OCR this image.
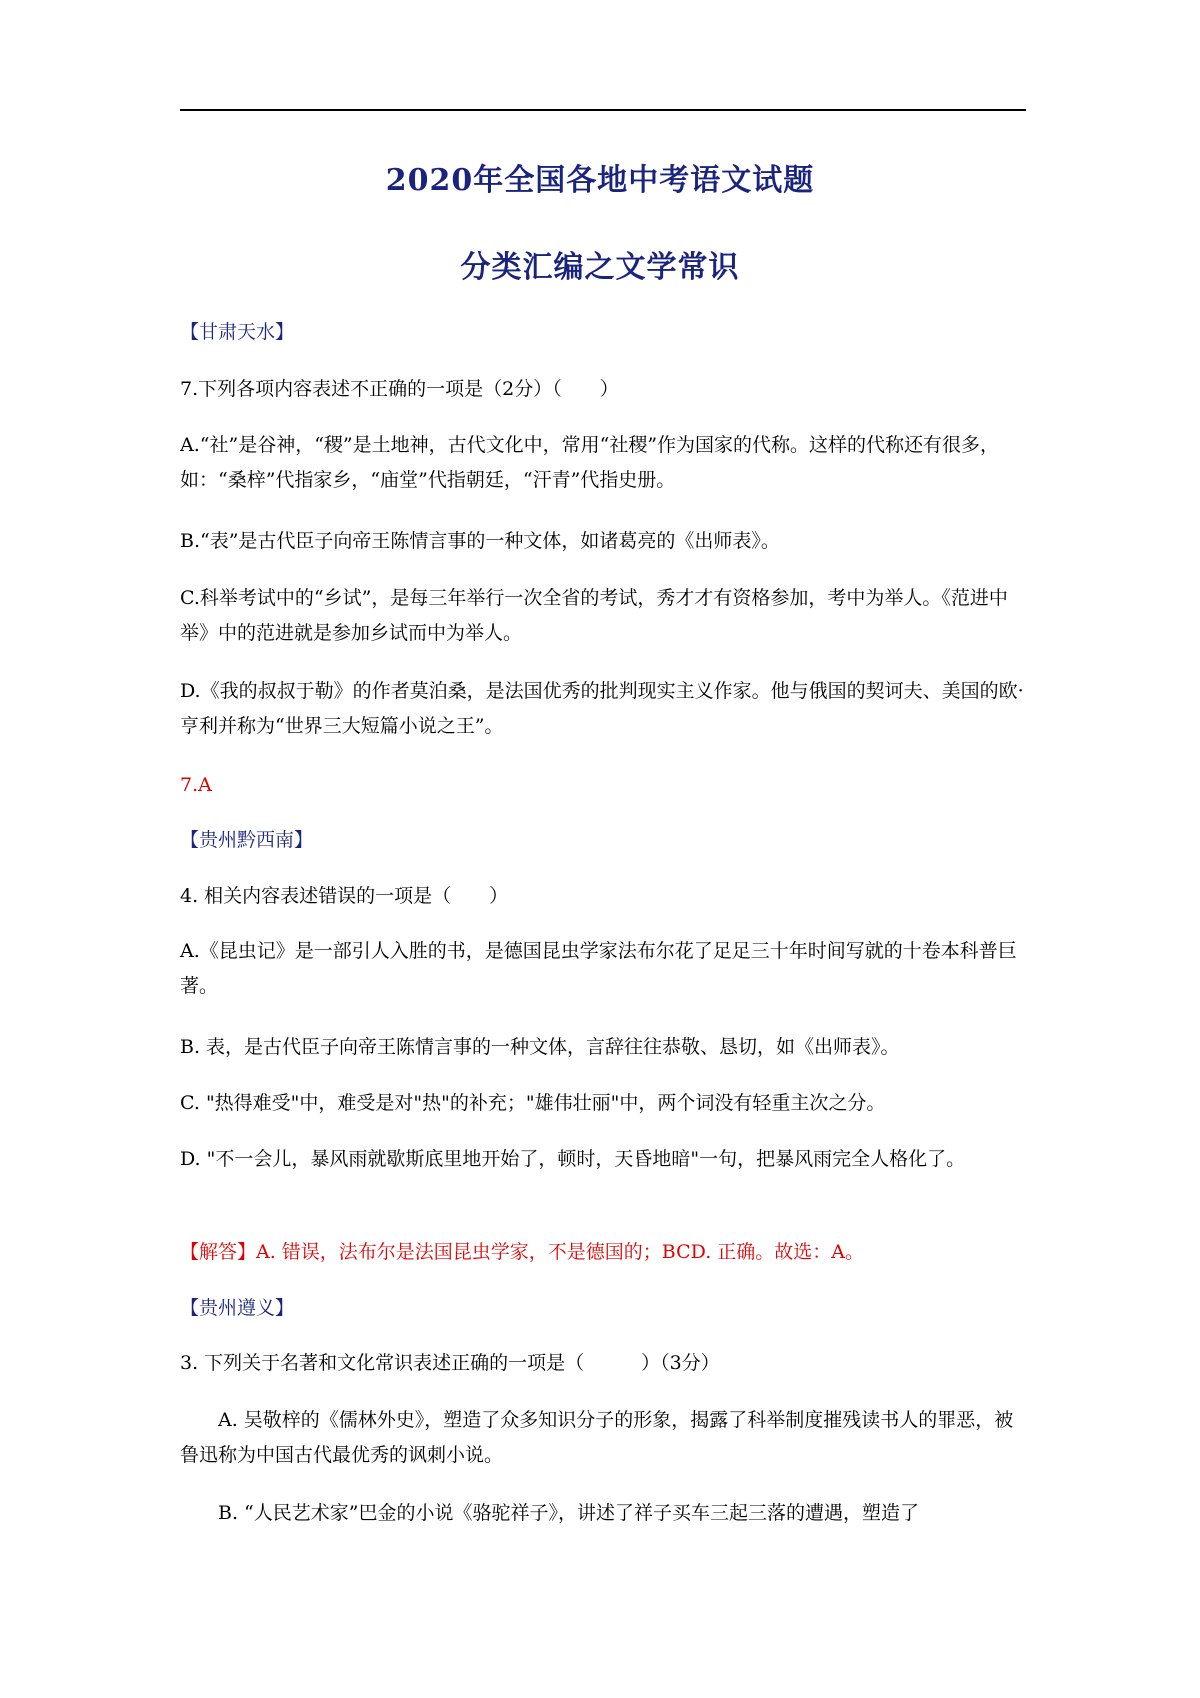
2020年全国各地中考语文试题
分类汇编之文学常识
【甘肃天水】
7.下列各项内容表述不正确的一项是（2分）（　　）
A.“社”是谷神，“稷”是土地神，古代文化中，常用“社稷”作为国家的代称。这样的代称还有很多，如：“桑梓”代指家乡，“庙堂”代指朝廷，“汗青”代指史册。
B.“表”是古代臣子向帝王陈情言事的一种文体，如诸葛亮的《出师表》。
C.科举考试中的“乡试”，是每三年举行一次全省的考试，秀才才有资格参加，考中为举人。《范进中举》中的范进就是参加乡试而中为举人。
D.《我的叔叔于勒》的作者莫泊桑，是法国优秀的批判现实主义作家。他与俄国的契诃夫、美国的欧·亨利并称为“世界三大短篇小说之王”。
7.A
【贵州黔西南】
4. 相关内容表述错误的一项是（　　）
A.《昆虫记》是一部引人入胜的书，是德国昆虫学家法布尔花了足足三十年时间写就的十卷本科普巨著。
B. 表，是古代臣子向帝王陈情言事的一种文体，言辞往往恭敬、恳切，如《出师表》。
C. "热得难受"中，难受是对"热"的补充；"雄伟壮丽"中，两个词没有轻重主次之分。
D. "不一会儿，暴风雨就歇斯底里地开始了，顿时，天昏地暗"一句，把暴风雨完全人格化了。
【解答】A. 错误，法布尔是法国昆虫学家，不是德国的；BCD. 正确。故选：A。
【贵州遵义】
3. 下列关于名著和文化常识表述正确的一项是（　　　）（3分）
A. 吴敬梓的《儒林外史》，塑造了众多知识分子的形象，揭露了科举制度摧残读书人的罪恶，被鲁迅称为中国古代最优秀的讽刺小说。
B. “人民艺术家”巴金的小说《骆驼祥子》，讲述了祥子买车三起三落的遭遇，塑造了
